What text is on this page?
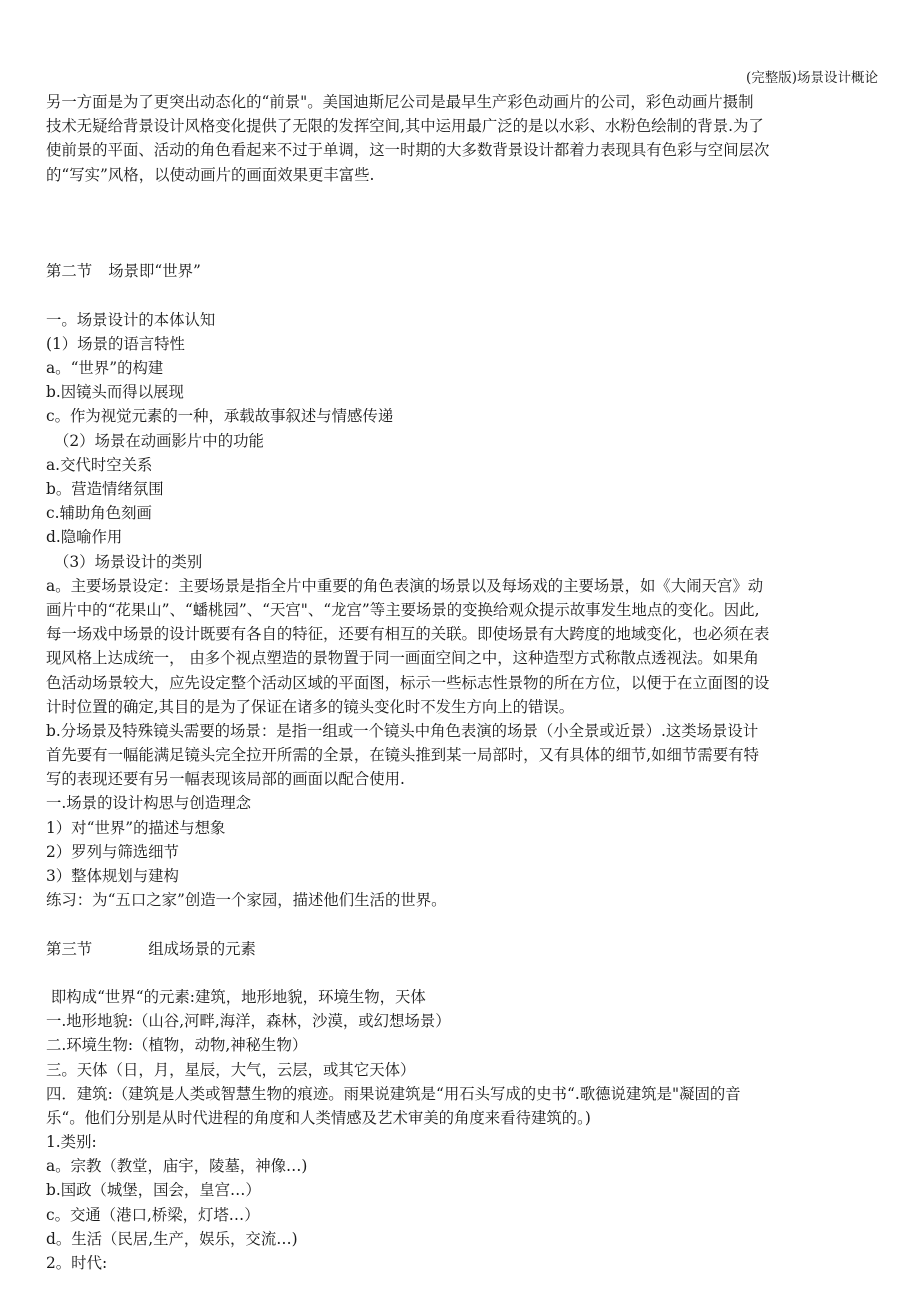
(完整版)场景设计概论
另一方面是为了更突出动态化的“前景"。美国迪斯尼公司是最早生产彩色动画片的公司，彩色动画片摄制
技术无疑给背景设计风格变化提供了无限的发挥空间,其中运用最广泛的是以水彩、水粉色绘制的背景.为了
使前景的平面、活动的角色看起来不过于单调，这一时期的大多数背景设计都着力表现具有色彩与空间层次
的“写实”风格，以使动画片的画面效果更丰富些.
第二节 场景即“世界”
一。场景设计的本体认知
(1）场景的语言特性
a。“世界”的构建
b.因镜头而得以展现
c。作为视觉元素的一种，承载故事叙述与情感传递
（2）场景在动画影片中的功能
a.交代时空关系
b。营造情绪氛围
c.辅助角色刻画
d.隐喻作用
（3）场景设计的类别
a。主要场景设定：主要场景是指全片中重要的角色表演的场景以及每场戏的主要场景，如《大闹天宫》动
画片中的“花果山”、“蟠桃园”、“天宫"、“龙宫”等主要场景的变换给观众提示故事发生地点的变化。因此,
每一场戏中场景的设计既要有各自的特征，还要有相互的关联。即使场景有大跨度的地域变化，也必须在表
现风格上达成统一， 由多个视点塑造的景物置于同一画面空间之中，这种造型方式称散点透视法。如果角
色活动场景较大，应先设定整个活动区域的平面图，标示一些标志性景物的所在方位，以便于在立面图的设
计时位置的确定,其目的是为了保证在诸多的镜头变化时不发生方向上的错误。
b.分场景及特殊镜头需要的场景：是指一组或一个镜头中角色表演的场景（小全景或近景）.这类场景设计
首先要有一幅能满足镜头完全拉开所需的全景，在镜头推到某一局部时，又有具体的细节,如细节需要有特
写的表现还要有另一幅表现该局部的画面以配合使用.
一.场景的设计构思与创造理念
1）对“世界”的描述与想象
2）罗列与筛选细节
3）整体规划与建构
练习：为“五口之家”创造一个家园，描述他们生活的世界。
第三节	组成场景的元素
即构成“世界“的元素:建筑，地形地貌，环境生物，天体
一.地形地貌:（山谷,河畔,海洋，森林，沙漠，或幻想场景）
二.环境生物:（植物，动物,神秘生物）
三。天体（日，月，星辰，大气，云层，或其它天体）
四．建筑:（建筑是人类或智慧生物的痕迹。雨果说建筑是“用石头写成的史书“.歌德说建筑是"凝固的音
乐“。他们分别是从时代进程的角度和人类情感及艺术审美的角度来看待建筑的。)
1.类别:
a。宗教（教堂，庙宇，陵墓，神像…)
b.国政（城堡，国会，皇宫…）
c。交通（港口,桥梁，灯塔…）
d。生活（民居,生产，娱乐，交流…)
2。时代:
